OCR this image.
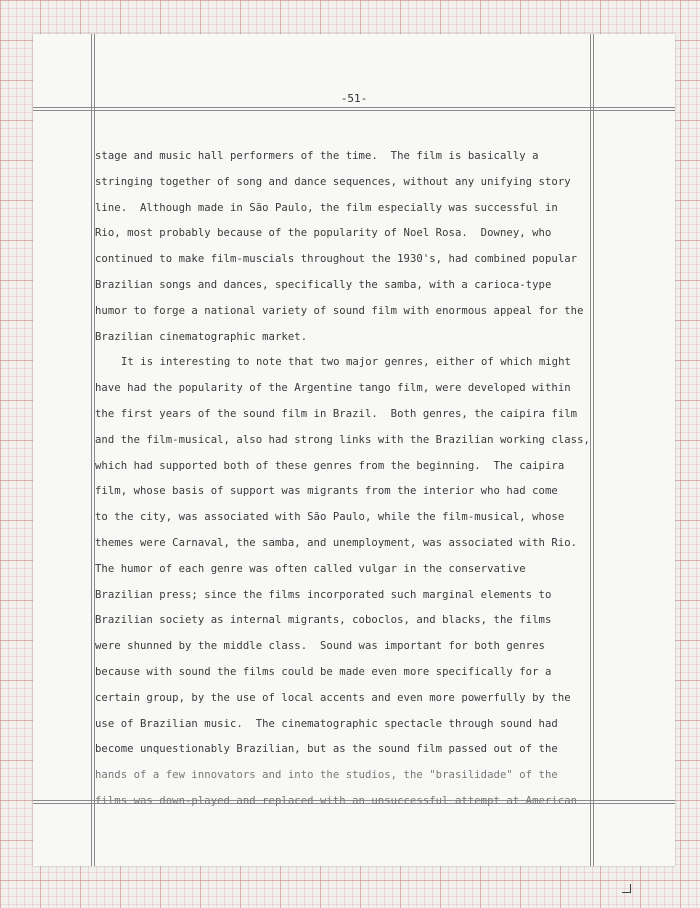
-51-
stage and music hall performers of the time.  The film is basically a
stringing together of song and dance sequences, without any unifying story
line.  Although made in São Paulo, the film especially was successful in
Rio, most probably because of the popularity of Noel Rosa.  Downey, who
continued to make film-muscials throughout the 1930's, had combined popular
Brazilian songs and dances, specifically the samba, with a carioca-type
humor to forge a national variety of sound film with enormous appeal for the
Brazilian cinematographic market.
It is interesting to note that two major genres, either of which might
have had the popularity of the Argentine tango film, were developed within
the first years of the sound film in Brazil.  Both genres, the caipira film
and the film-musical, also had strong links with the Brazilian working class,
which had supported both of these genres from the beginning.  The caipira
film, whose basis of support was migrants from the interior who had come
to the city, was associated with São Paulo, while the film-musical, whose
themes were Carnaval, the samba, and unemployment, was associated with Rio.
The humor of each genre was often called vulgar in the conservative
Brazilian press; since the films incorporated such marginal elements to
Brazilian society as internal migrants, coboclos, and blacks, the films
were shunned by the middle class.  Sound was important for both genres
because with sound the films could be made even more specifically for a
certain group, by the use of local accents and even more powerfully by the
use of Brazilian music.  The cinematographic spectacle through sound had
become unquestionably Brazilian, but as the sound film passed out of the
hands of a few innovators and into the studios, the "brasilidade" of the
films was down-played and replaced with an unsuccessful attempt at American
